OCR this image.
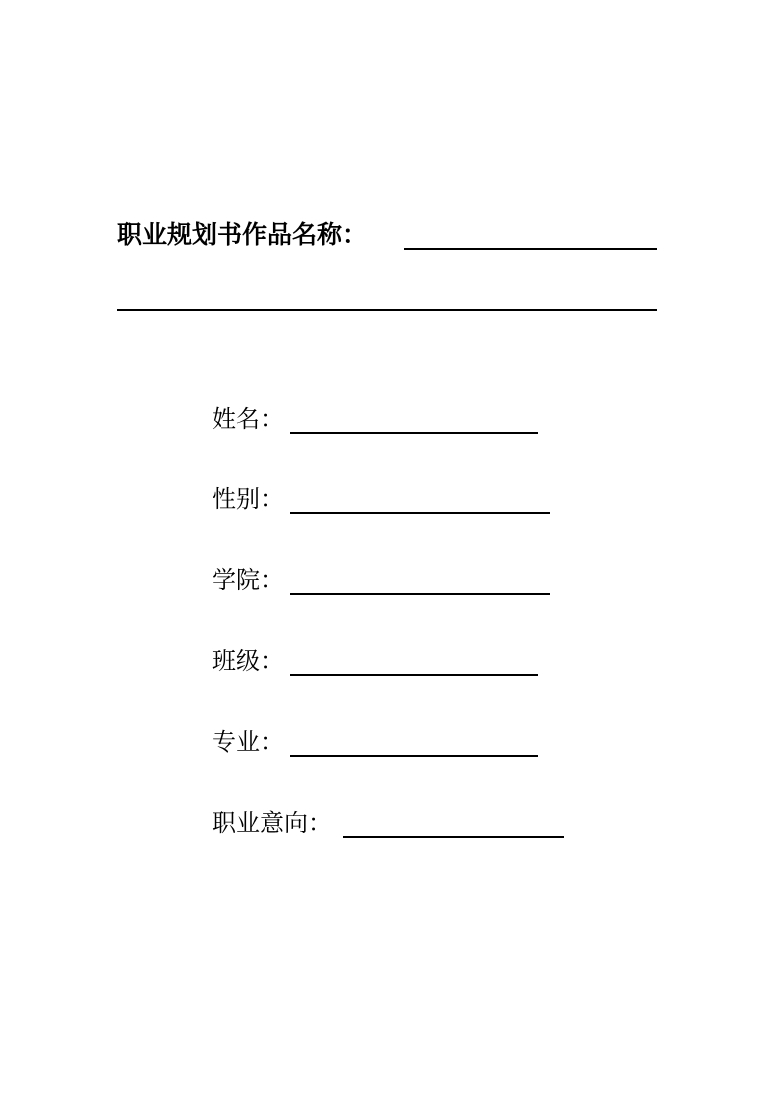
职业规划书作品名称：
姓名：
性别：
学院：
班级：
专业：
职业意向：
